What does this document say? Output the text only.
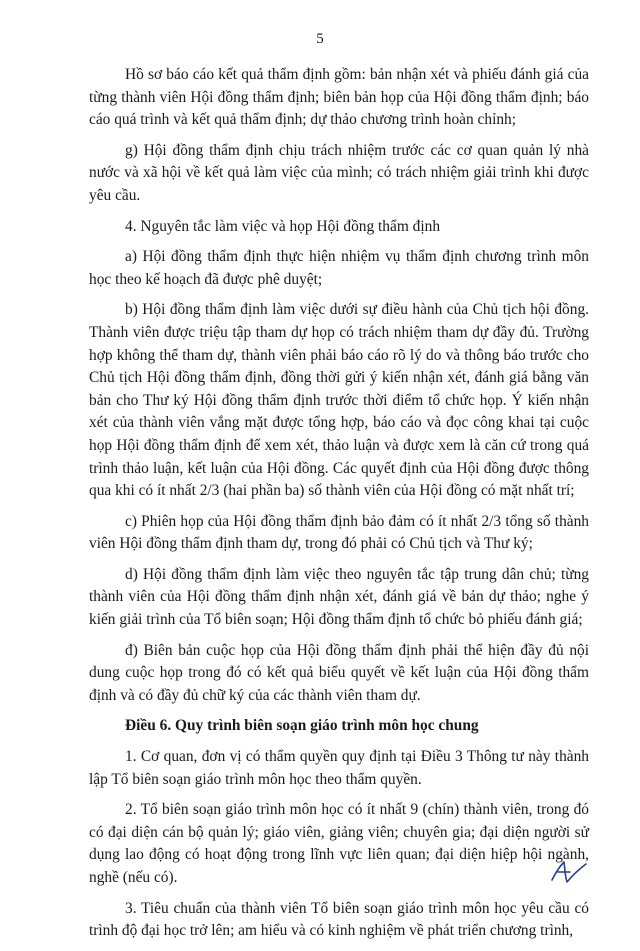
5

Hồ sơ báo cáo kết quả thẩm định gồm: bản nhận xét và phiếu đánh giá của từng thành viên Hội đồng thẩm định; biên bản họp của Hội đồng thẩm định; báo cáo quá trình và kết quả thẩm định; dự thảo chương trình hoàn chỉnh;

g) Hội đồng thẩm định chịu trách nhiệm trước các cơ quan quản lý nhà nước và xã hội về kết quả làm việc của mình; có trách nhiệm giải trình khi được yêu cầu.

4. Nguyên tắc làm việc và họp Hội đồng thẩm định

a) Hội đồng thẩm định thực hiện nhiệm vụ thẩm định chương trình môn học theo kế hoạch đã được phê duyệt;

b) Hội đồng thẩm định làm việc dưới sự điều hành của Chủ tịch hội đồng. Thành viên được triệu tập tham dự họp có trách nhiệm tham dự đầy đủ. Trường hợp không thể tham dự, thành viên phải báo cáo rõ lý do và thông báo trước cho Chủ tịch Hội đồng thẩm định, đồng thời gửi ý kiến nhận xét, đánh giá bằng văn bản cho Thư ký Hội đồng thẩm định trước thời điểm tổ chức họp. Ý kiến nhận xét của thành viên vắng mặt được tổng hợp, báo cáo và đọc công khai tại cuộc họp Hội đồng thẩm định để xem xét, thảo luận và được xem là căn cứ trong quá trình thảo luận, kết luận của Hội đồng. Các quyết định của Hội đồng được thông qua khi có ít nhất 2/3 (hai phần ba) số thành viên của Hội đồng có mặt nhất trí;

c) Phiên họp của Hội đồng thẩm định bảo đảm có ít nhất 2/3 tổng số thành viên Hội đồng thẩm định tham dự, trong đó phải có Chủ tịch và Thư ký;

d) Hội đồng thẩm định làm việc theo nguyên tắc tập trung dân chủ; từng thành viên của Hội đồng thẩm định nhận xét, đánh giá về bản dự thảo; nghe ý kiến giải trình của Tổ biên soạn; Hội đồng thẩm định tổ chức bỏ phiếu đánh giá;

đ) Biên bản cuộc họp của Hội đồng thẩm định phải thể hiện đầy đủ nội dung cuộc họp trong đó có kết quả biểu quyết về kết luận của Hội đồng thẩm định và có đầy đủ chữ ký của các thành viên tham dự.

Điều 6. Quy trình biên soạn giáo trình môn học chung

1. Cơ quan, đơn vị có thẩm quyền quy định tại Điều 3 Thông tư này thành lập Tổ biên soạn giáo trình môn học theo thẩm quyền.

2. Tổ biên soạn giáo trình môn học có ít nhất 9 (chín) thành viên, trong đó có đại diện cán bộ quản lý; giáo viên, giảng viên; chuyên gia; đại diện người sử dụng lao động có hoạt động trong lĩnh vực liên quan; đại diện hiệp hội ngành, nghề (nếu có).

3. Tiêu chuẩn của thành viên Tổ biên soạn giáo trình môn học yêu cầu có trình độ đại học trở lên; am hiểu và có kinh nghiệm về phát triển chương trình,
